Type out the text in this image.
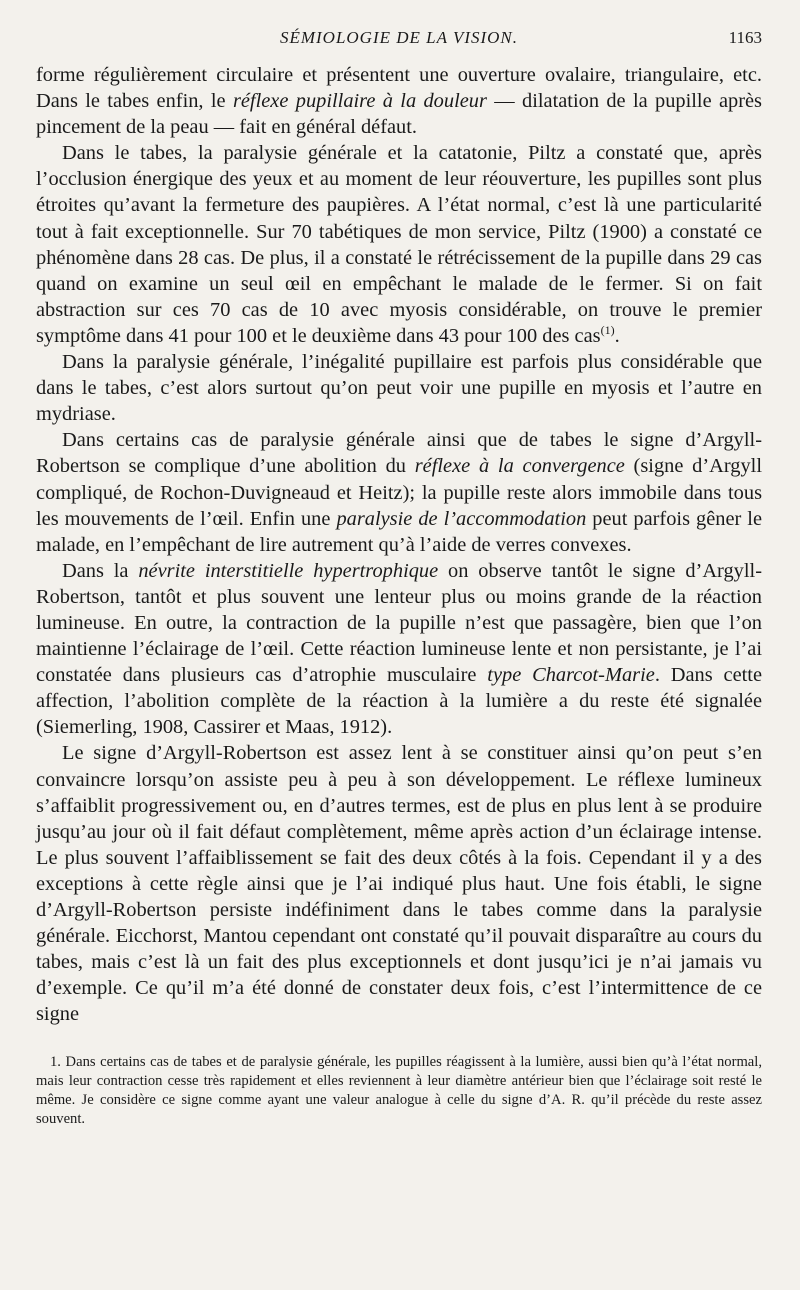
SÉMIOLOGIE DE LA VISION.	1163

forme régulièrement circulaire et présentent une ouverture ovalaire, triangulaire, etc. Dans le tabes enfin, le réflexe pupillaire à la douleur — dilatation de la pupille après pincement de la peau — fait en général défaut.

Dans le tabes, la paralysie générale et la catatonie, Piltz a constaté que, après l’occlusion énergique des yeux et au moment de leur réouverture, les pupilles sont plus étroites qu’avant la fermeture des paupières. A l’état normal, c’est là une particularité tout à fait exceptionnelle. Sur 70 tabétiques de mon service, Piltz (1900) a constaté ce phénomène dans 28 cas. De plus, il a constaté le rétrécissement de la pupille dans 29 cas quand on examine un seul œil en empêchant le malade de le fermer. Si on fait abstraction sur ces 70 cas de 10 avec myosis considérable, on trouve le premier symptôme dans 41 pour 100 et le deuxième dans 43 pour 100 des cas$^{(1)}$.

Dans la paralysie générale, l’inégalité pupillaire est parfois plus considérable que dans le tabes, c’est alors surtout qu’on peut voir une pupille en myosis et l’autre en mydriase.

Dans certains cas de paralysie générale ainsi que de tabes le signe d’Argyll-Robertson se complique d’une abolition du réflexe à la convergence (signe d’Argyll compliqué, de Rochon-Duvigneaud et Heitz); la pupille reste alors immobile dans tous les mouvements de l’œil. Enfin une paralysie de l’accommodation peut parfois gêner le malade, en l’empêchant de lire autrement qu’à l’aide de verres convexes.

Dans la névrite interstitielle hypertrophique on observe tantôt le signe d’Argyll-Robertson, tantôt et plus souvent une lenteur plus ou moins grande de la réaction lumineuse. En outre, la contraction de la pupille n’est que passagère, bien que l’on maintienne l’éclairage de l’œil. Cette réaction lumineuse lente et non persistante, je l’ai constatée dans plusieurs cas d’atrophie musculaire type Charcot-Marie. Dans cette affection, l’abolition complète de la réaction à la lumière a du reste été signalée (Siemerling, 1908, Cassirer et Maas, 1912).

Le signe d’Argyll-Robertson est assez lent à se constituer ainsi qu’on peut s’en convaincre lorsqu’on assiste peu à peu à son développement. Le réflexe lumineux s’affaiblit progressivement ou, en d’autres termes, est de plus en plus lent à se produire jusqu’au jour où il fait défaut complètement, même après action d’un éclairage intense. Le plus souvent l’affaiblissement se fait des deux côtés à la fois. Cependant il y a des exceptions à cette règle ainsi que je l’ai indiqué plus haut. Une fois établi, le signe d’Argyll-Robertson persiste indéfiniment dans le tabes comme dans la paralysie générale. Eicchorst, Mantou cependant ont constaté qu’il pouvait disparaître au cours du tabes, mais c’est là un fait des plus exceptionnels et dont jusqu’ici je n’ai jamais vu d’exemple. Ce qu’il m’a été donné de constater deux fois, c’est l’intermittence de ce signe

1. Dans certains cas de tabes et de paralysie générale, les pupilles réagissent à la lumière, aussi bien qu’à l’état normal, mais leur contraction cesse très rapidement et elles reviennent à leur diamètre antérieur bien que l’éclairage soit resté le même. Je considère ce signe comme ayant une valeur analogue à celle du signe d’A. R. qu’il précède du reste assez souvent.
